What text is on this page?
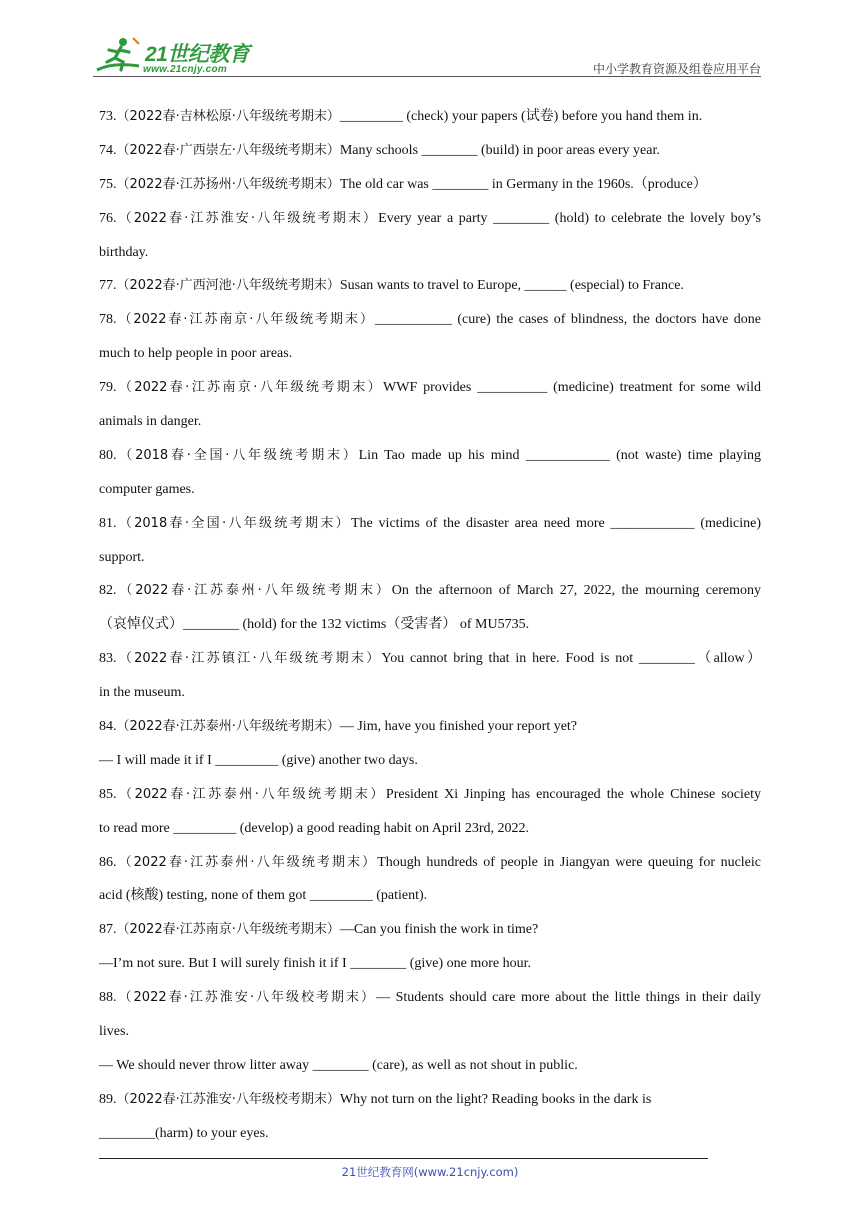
21世纪教育
www.21cnjy.com	中小学教育资源及组卷应用平台
73.（2022春·吉林松原·八年级统考期末）_________ (check) your papers (试卷) before you hand them in.
74.（2022春·广西崇左·八年级统考期末）Many schools ________ (build) in poor areas every year.
75.（2022春·江苏扬州·八年级统考期末）The old car was ________ in Germany in the 1960s.（produce）
76.（2022春·江苏淮安·八年级统考期末）Every year a party ________ (hold) to celebrate the lovely boy’s
birthday.
77.（2022春·广西河池·八年级统考期末）Susan wants to travel to Europe, ______ (especial) to France.
78.（2022春·江苏南京·八年级统考期末）___________ (cure) the cases of blindness, the doctors have done
much to help people in poor areas.
79.（2022春·江苏南京·八年级统考期末）WWF provides __________ (medicine) treatment for some wild
animals in danger.
80.（2018春·全国·八年级统考期末）Lin Tao made up his mind ____________ (not waste) time playing
computer games.
81.（2018春·全国·八年级统考期末）The victims of the disaster area need more ____________ (medicine)
support.
82.（2022春·江苏泰州·八年级统考期末）On the afternoon of March 27, 2022, the mourning ceremony
（哀悼仪式）________ (hold) for the 132 victims（受害者） of MU5735.
83.（2022春·江苏镇江·八年级统考期末）You cannot bring that in here. Food is not ________（allow）
in the museum.
84.（2022春·江苏泰州·八年级统考期末）— Jim, have you finished your report yet?
— I will made it if I _________ (give) another two days.
85.（2022春·江苏泰州·八年级统考期末）President Xi Jinping has encouraged the whole Chinese society
to read more _________ (develop) a good reading habit on April 23rd, 2022.
86.（2022春·江苏泰州·八年级统考期末）Though hundreds of people in Jiangyan were queuing for nucleic
acid (核酸) testing, none of them got _________ (patient).
87.（2022春·江苏南京·八年级统考期末）—Can you finish the work in time?
—I’m not sure. But I will surely finish it if I ________ (give) one more hour.
88.（2022春·江苏淮安·八年级校考期末）— Students should care more about the little things in their daily
lives.
— We should never throw litter away ________ (care), as well as not shout in public.
89.（2022春·江苏淮安·八年级校考期末）Why not turn on the light? Reading books in the dark is
________(harm) to your eyes.
21世纪教育网(www.21cnjy.com)
